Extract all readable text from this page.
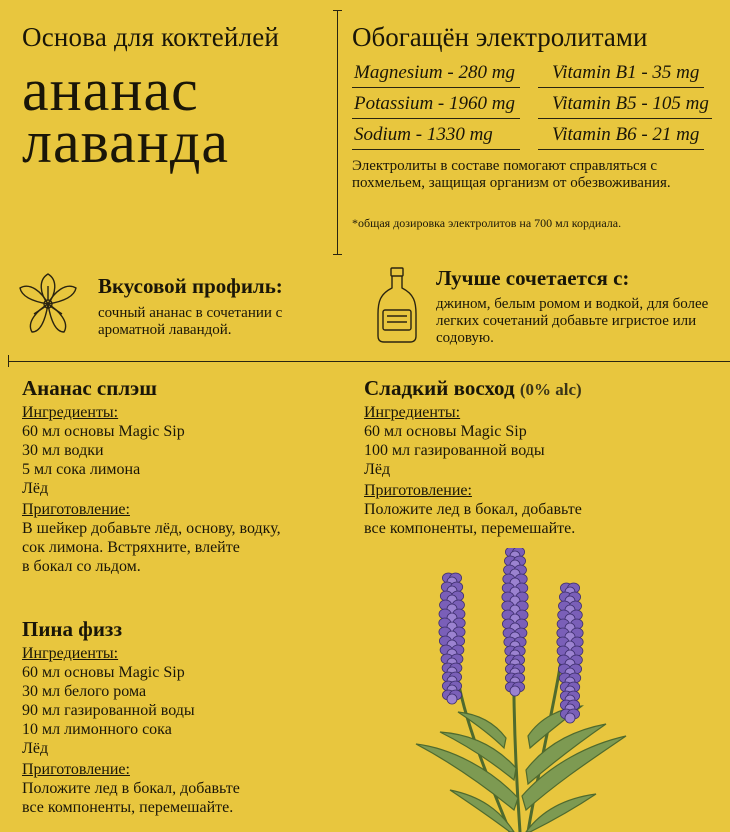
Основа для коктейлей
ананас
лаванда
Обогащён электролитами
Magnesium - 280 mg Vitamin B1 - 35 mg
Potassium - 1960 mg Vitamin B5 - 105 mg
Sodium - 1330 mg	Vitamin B6 - 21 mg
Электролиты в составе помогают справляться с похмельем, защищая организм от обезвоживания.
*общая дозировка электролитов на 700 мл кордиала.
Вкусовой профиль:
сочный ананас в сочетании с ароматной лавандой.
Лучше сочетается с:
джином, белым ромом и водкой, для более легких сочетаний добавьте игристое или содовую.
Ананас сплэш
Ингредиенты:
60 мл основы Magic Sip
30 мл водки
5 мл сока лимона
Лёд
Приготовление:
В шейкер добавьте лёд, основу, водку,
сок лимона. Встряхните, влейте
в бокал со льдом.
Сладкий восход (0% alc)
Ингредиенты:
60 мл основы Magic Sip
100 мл газированной воды
Лёд
Приготовление:
Положите лед в бокал, добавьте
все компоненты, перемешайте.
Пина физз
Ингредиенты:
60 мл основы Magic Sip
30 мл белого рома
90 мл газированной воды
10 мл лимонного сока
Лёд
Приготовление:
Положите лед в бокал, добавьте
все компоненты, перемешайте.
